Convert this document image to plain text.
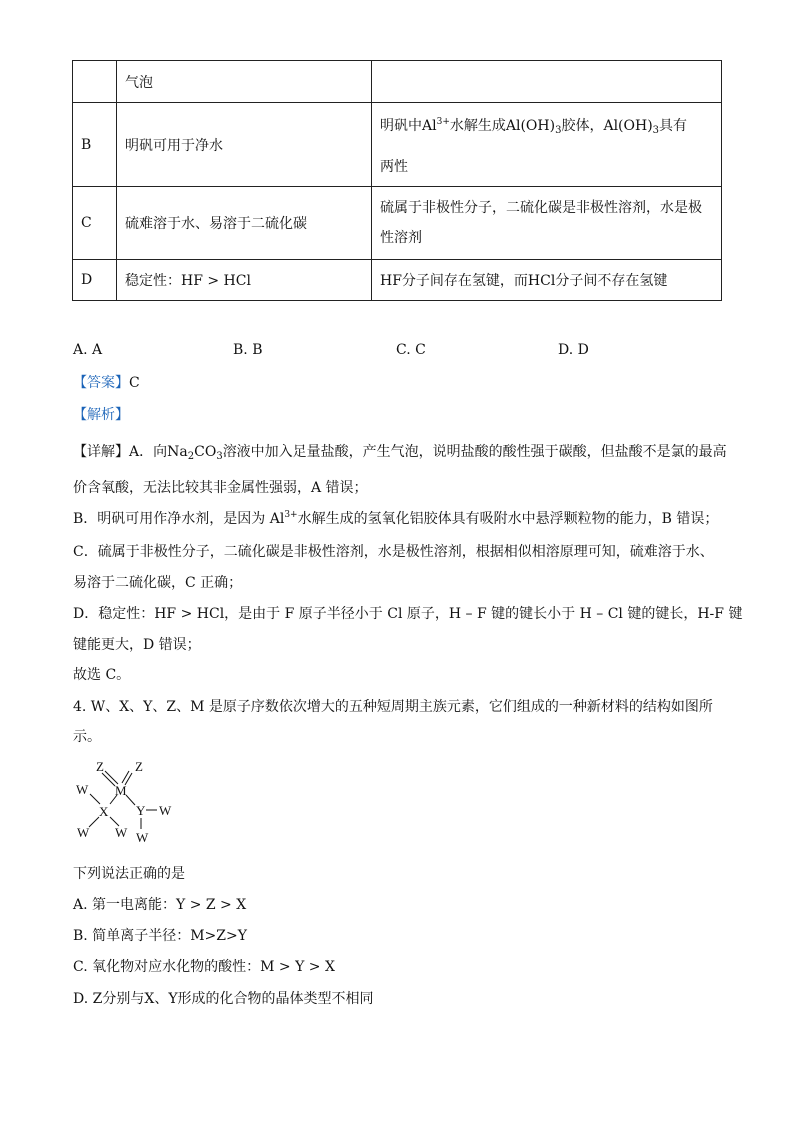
	气泡	
B	明矾可用于净水	明矾中$Al^{3+}$水解生成$Al(OH)_3$胶体，$Al(OH)_3$具有
两性

C	硫难溶于水、易溶于二硫化碳	硫属于非极性分子，二硫化碳是非极性溶剂，水是极
性溶剂

D	稳定性：HF > HCl	HF分子间存在氢键，而HCl分子间不存在氢键
A. A	B. B	C. C	D. D
【答案】C
【解析】
【详解】A．向$Na_2CO_3$溶液中加入足量盐酸，产生气泡，说明盐酸的酸性强于碳酸，但盐酸不是氯的最高
价含氧酸，无法比较其非金属性强弱，A 错误；
B．明矾可用作净水剂，是因为 $Al^{3+}$水解生成的氢氧化铝胶体具有吸附水中悬浮颗粒物的能力，B 错误；
C．硫属于非极性分子，二硫化碳是非极性溶剂，水是极性溶剂，根据相似相溶原理可知，硫难溶于水、
易溶于二硫化碳，C 正确；
D．稳定性：HF > HCl，是由于 F 原子半径小于 Cl 原子，H – F 键的键长小于 H – Cl 键的键长，H-F 键
键能更大，D 错误；
故选 C。
4. W、X、Y、Z、M 是原子序数依次增大的五种短周期主族元素，它们组成的一种新材料的结构如图所
示。
Z Z
M
W
X Y W
W W W
下列说法正确的是
A. 第一电离能：Y > Z > X
B. 简单离子半径：M>Z>Y
C. 氧化物对应水化物的酸性：M > Y > X
D. Z分别与X、Y形成的化合物的晶体类型不相同
